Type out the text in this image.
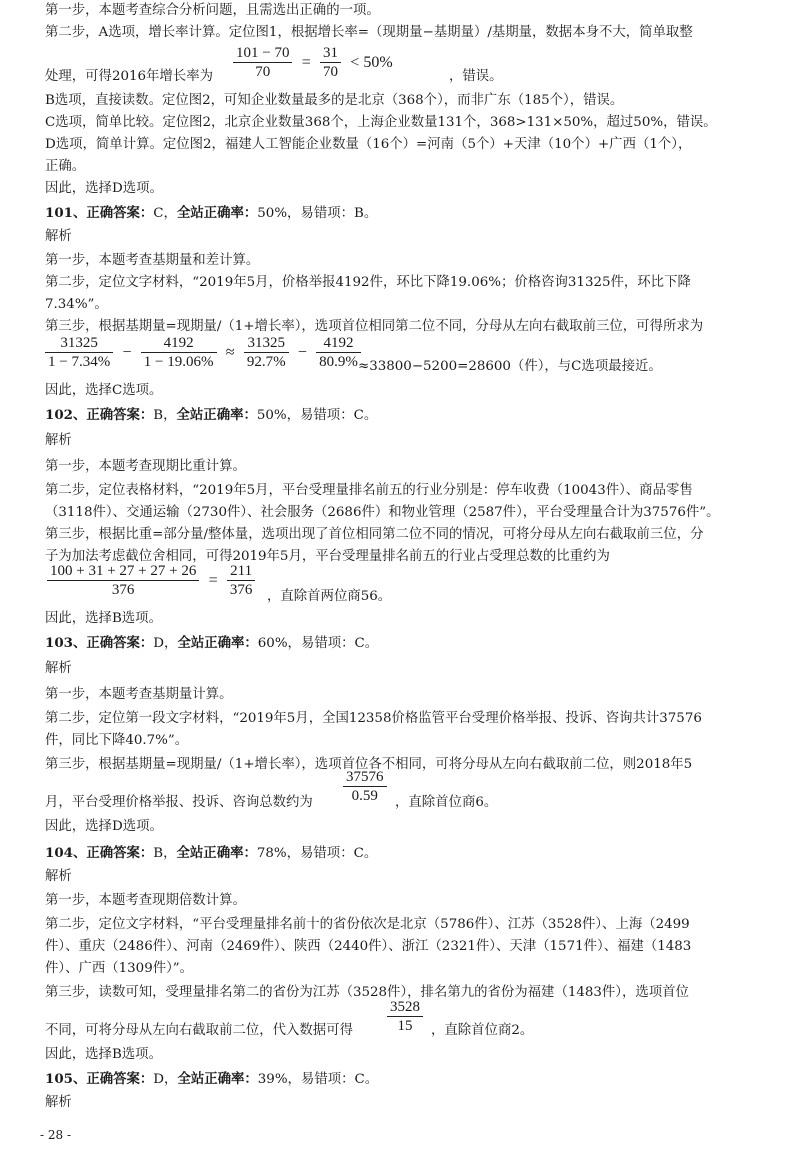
第一步，本题考查综合分析问题，且需选出正确的一项。
第二步，A选项，增长率计算。定位图1，根据增长率=（现期量−基期量）/基期量，数据本身不大，简单取整
处理，可得2016年增长率为 $\frac{101 - 70}{70} = \frac{31}{70} < 50\%$
，错误。
B选项，直接读数。定位图2，可知企业数量最多的是北京（368个），而非广东（185个），错误。
C选项，简单比较。定位图2，北京企业数量368个，上海企业数量131个，368>131×50%，超过50%，错误。
D选项，简单计算。定位图2，福建人工智能企业数量（16个）=河南（5个）+天津（10个）+广西（1个），
正确。
因此，选择D选项。
101、正确答案：C，全站正确率：50%，易错项：B。
解析
第一步，本题考查基期量和差计算。
第二步，定位文字材料，“2019年5月，价格举报4192件，环比下降19.06%；价格咨询31325件，环比下降
7.34%”。
第三步，根据基期量=现期量/（1+增长率），选项首位相同第二位不同，分母从左向右截取前三位，可得所求为
$\frac{31325}{1 - 7.34\%} - \frac{4192}{1 - 19.06\%} \approx \frac{31325}{92.7\%} - \frac{4192}{80.9\%}$
≈33800−5200=28600（件），与C选项最接近。
因此，选择C选项。
102、正确答案：B，全站正确率：50%，易错项：C。
解析
第一步，本题考查现期比重计算。
第二步，定位表格材料，“2019年5月，平台受理量排名前五的行业分别是：停车收费（10043件）、商品零售
（3118件）、交通运输（2730件）、社会服务（2686件）和物业管理（2587件），平台受理量合计为37576件”。
第三步，根据比重=部分量/整体量，选项出现了首位相同第二位不同的情况，可将分母从左向右截取前三位，分
子为加法考虑截位舍相同，可得2019年5月，平台受理量排名前五的行业占受理总数的比重约为
$\frac{100 + 31 + 27 + 27 + 26}{376} = \frac{211}{376}$ ，直除首两位商56。
因此，选择B选项。
103、正确答案：D，全站正确率：60%，易错项：C。
解析
第一步，本题考查基期量计算。
第二步，定位第一段文字材料，“2019年5月，全国12358价格监管平台受理价格举报、投诉、咨询共计37576
件，同比下降40.7%”。
第三步，根据基期量=现期量/（1+增长率），选项首位各不相同，可将分母从左向右截取前二位，则2018年5
月，平台受理价格举报、投诉、咨询总数约为 $\frac{37576}{0.59}$ ，直除首位商6。
因此，选择D选项。
104、正确答案：B，全站正确率：78%，易错项：C。
解析
第一步，本题考查现期倍数计算。
第二步，定位文字材料，“平台受理量排名前十的省份依次是北京（5786件）、江苏（3528件）、上海（2499
件）、重庆（2486件）、河南（2469件）、陕西（2440件）、浙江（2321件）、天津（1571件）、福建（1483
件）、广西（1309件）”。
第三步，读数可知，受理量排名第二的省份为江苏（3528件），排名第九的省份为福建（1483件），选项首位
不同，可将分母从左向右截取前二位，代入数据可得 $\frac{3528}{15}$ ，直除首位商2。
因此，选择B选项。
105、正确答案：D，全站正确率：39%，易错项：C。
解析
- 28 -
